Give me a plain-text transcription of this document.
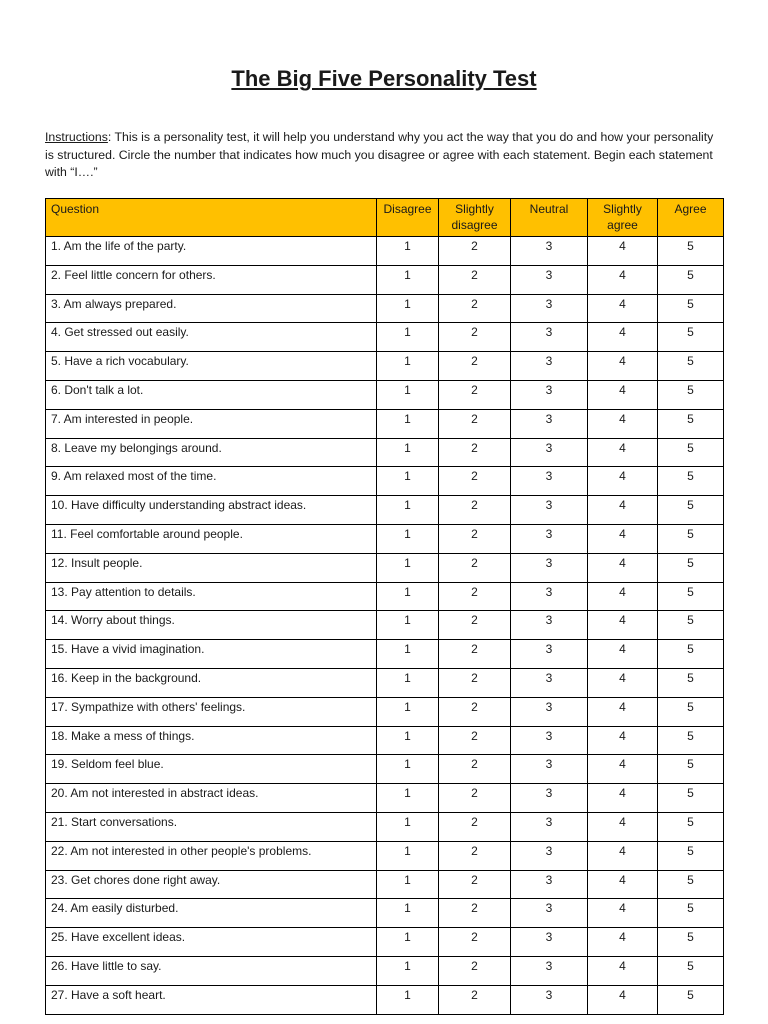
The Big Five Personality Test
Instructions: This is a personality test, it will help you understand why you act the way that you do and how your personality is structured. Circle the number that indicates how much you disagree or agree with each statement. Begin each statement with “I….”
Question	Disagree	Slightly disagree	Neutral	Slightly agree	Agree
1. Am the life of the party.	1	2	3	4	5
2. Feel little concern for others.	1	2	3	4	5
3. Am always prepared.	1	2	3	4	5
4. Get stressed out easily.	1	2	3	4	5
5. Have a rich vocabulary.	1	2	3	4	5
6. Don't talk a lot.	1	2	3	4	5
7. Am interested in people.	1	2	3	4	5
8. Leave my belongings around.	1	2	3	4	5
9. Am relaxed most of the time.	1	2	3	4	5
10. Have difficulty understanding abstract ideas.	1	2	3	4	5
11. Feel comfortable around people.	1	2	3	4	5
12. Insult people.	1	2	3	4	5
13. Pay attention to details.	1	2	3	4	5
14. Worry about things.	1	2	3	4	5
15. Have a vivid imagination.	1	2	3	4	5
16. Keep in the background.	1	2	3	4	5
17. Sympathize with others' feelings.	1	2	3	4	5
18. Make a mess of things.	1	2	3	4	5
19. Seldom feel blue.	1	2	3	4	5
20. Am not interested in abstract ideas.	1	2	3	4	5
21. Start conversations.	1	2	3	4	5
22. Am not interested in other people's problems.	1	2	3	4	5
23. Get chores done right away.	1	2	3	4	5
24. Am easily disturbed.	1	2	3	4	5
25. Have excellent ideas.	1	2	3	4	5
26. Have little to say.	1	2	3	4	5
27. Have a soft heart.	1	2	3	4	5
